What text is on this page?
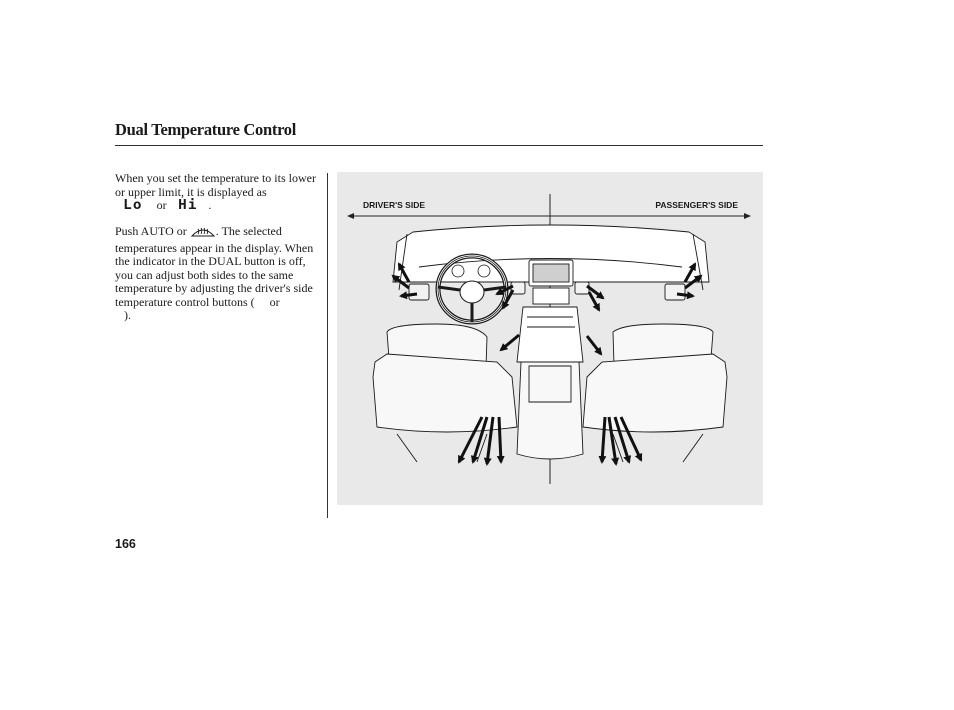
Dual Temperature Control
When you set the temperature to its lower or upper limit, it is displayed as
Lo or Hi .
Push AUTO or . The selected temperatures appear in the display. When the indicator in the DUAL button is off, you can adjust both sides to the same temperature by adjusting the driver's side temperature control buttons ( or
).
DRIVER'S SIDE	PASSENGER'S SIDE
166
